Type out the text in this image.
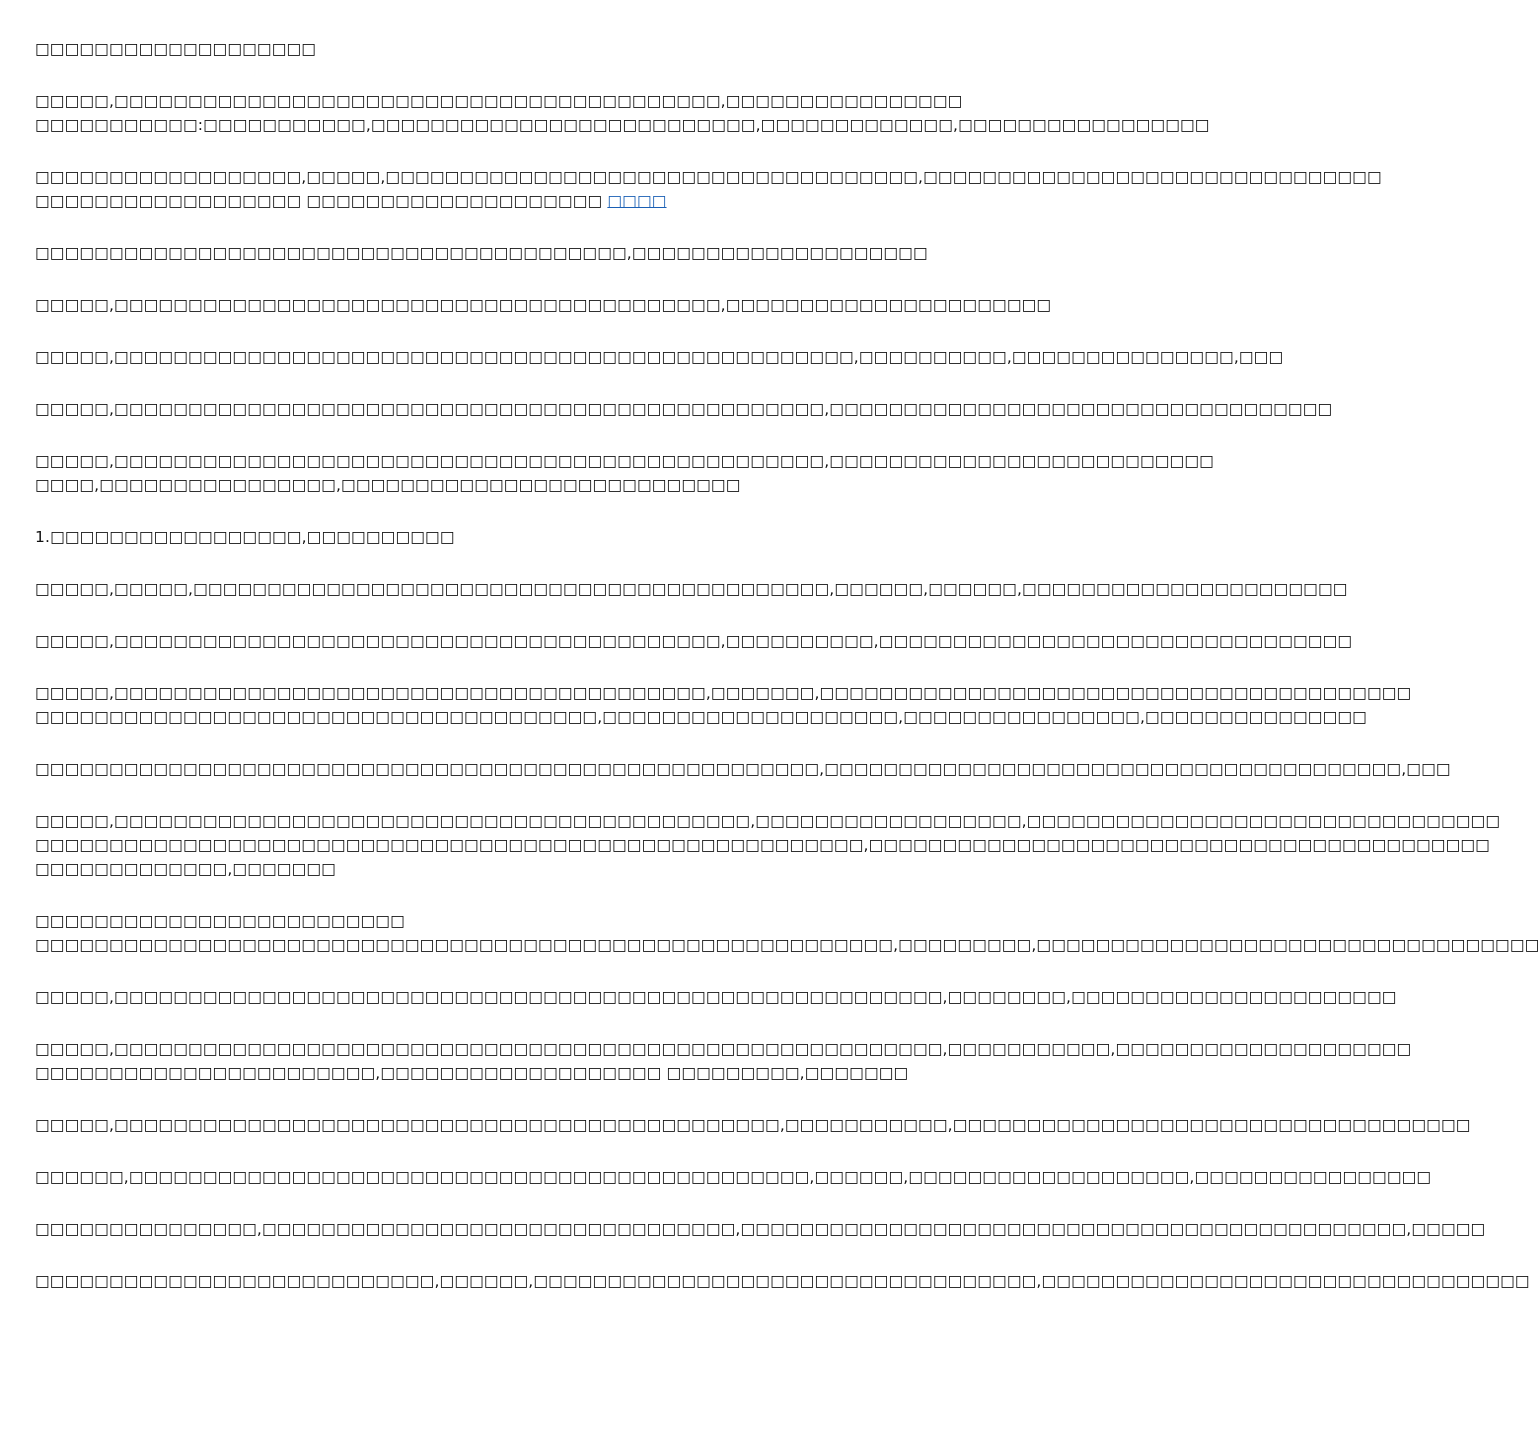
□□□□□□□□□□□□□□□□□□□
□□□□□,□□□□□□□□□□□□□□□□□□□□□□□□□□□□□□□□□□□□□□□□□,□□□□□□□□□□□□□□□□
□□□□□□□□□□□:□□□□□□□□□□□,□□□□□□□□□□□□□□□□□□□□□□□□□□,□□□□□□□□□□□□□,□□□□□□□□□□□□□□□□□
□□□□□□□□□□□□□□□□□□,□□□□□,□□□□□□□□□□□□□□□□□□□□□□□□□□□□□□□□□□□□,□□□□□□□□□□□□□□□□□□□□□□□□□□□□□□□
□□□□□□□□□□□□□□□□□□ □□□□□□□□□□□□□□□□□□□□ □□□□
□□□□□□□□□□□□□□□□□□□□□□□□□□□□□□□□□□□□□□□□,□□□□□□□□□□□□□□□□□□□□
□□□□□,□□□□□□□□□□□□□□□□□□□□□□□□□□□□□□□□□□□□□□□□□,□□□□□□□□□□□□□□□□□□□□□□
□□□□□,□□□□□□□□□□□□□□□□□□□□□□□□□□□□□□□□□□□□□□□□□□□□□□□□□□,□□□□□□□□□□,□□□□□□□□□□□□□□□,□□□
□□□□□,□□□□□□□□□□□□□□□□□□□□□□□□□□□□□□□□□□□□□□□□□□□□□□□□,□□□□□□□□□□□□□□□□□□□□□□□□□□□□□□□□□□
□□□□□,□□□□□□□□□□□□□□□□□□□□□□□□□□□□□□□□□□□□□□□□□□□□□□□□,□□□□□□□□□□□□□□□□□□□□□□□□□□
□□□□,□□□□□□□□□□□□□□□□,□□□□□□□□□□□□□□□□□□□□□□□□□□□
1.□□□□□□□□□□□□□□□□□,□□□□□□□□□□
□□□□□,□□□□□,□□□□□□□□□□□□□□□□□□□□□□□□□□□□□□□□□□□□□□□□□□□,□□□□□□,□□□□□□,□□□□□□□□□□□□□□□□□□□□□□
□□□□□,□□□□□□□□□□□□□□□□□□□□□□□□□□□□□□□□□□□□□□□□□,□□□□□□□□□□,□□□□□□□□□□□□□□□□□□□□□□□□□□□□□□□□
□□□□□,□□□□□□□□□□□□□□□□□□□□□□□□□□□□□□□□□□□□□□□□,□□□□□□□,□□□□□□□□□□□□□□□□□□□□□□□□□□□□□□□□□□□□□□□□
□□□□□□□□□□□□□□□□□□□□□□□□□□□□□□□□□□□□□□,□□□□□□□□□□□□□□□□□□□□,□□□□□□□□□□□□□□□□,□□□□□□□□□□□□□□□
□□□□□□□□□□□□□□□□□□□□□□□□□□□□□□□□□□□□□□□□□□□□□□□□□□□□□,□□□□□□□□□□□□□□□□□□□□□□□□□□□□□□□□□□□□□□□,□□□
□□□□□,□□□□□□□□□□□□□□□□□□□□□□□□□□□□□□□□□□□□□□□□□□□,□□□□□□□□□□□□□□□□□□,□□□□□□□□□□□□□□□□□□□□□□□□□□□□□□□□
□□□□□□□□□□□□□□□□□□□□□□□□□□□□□□□□□□□□□□□□□□□□□□□□□□□□□□□□,□□□□□□□□□□□□□□□□□□□□□□□□□□□□□□□□□□□□□□□□□□
□□□□□□□□□□□□□,□□□□□□□
□□□□□□□□□□□□□□□□□□□□□□□□□
□□□□□□□□□□□□□□□□□□□□□□□□□□□□□□□□□□□□□□□□□□□□□□□□□□□□□□□□□□,□□□□□□□□□,□□□□□□□□□□□□□□□□□□□□□□□□□□□□□□□□□□
□□□□□,□□□□□□□□□□□□□□□□□□□□□□□□□□□□□□□□□□□□□□□□□□□□□□□□□□□□□□□□,□□□□□□□□,□□□□□□□□□□□□□□□□□□□□□□
□□□□□,□□□□□□□□□□□□□□□□□□□□□□□□□□□□□□□□□□□□□□□□□□□□□□□□□□□□□□□□,□□□□□□□□□□□,□□□□□□□□□□□□□□□□□□□□
□□□□□□□□□□□□□□□□□□□□□□□,□□□□□□□□□□□□□□□□□□□ □□□□□□□□□,□□□□□□□
□□□□□,□□□□□□□□□□□□□□□□□□□□□□□□□□□□□□□□□□□□□□□□□□□□□,□□□□□□□□□□□,□□□□□□□□□□□□□□□□□□□□□□□□□□□□□□□□□□□
□□□□□□,□□□□□□□□□□□□□□□□□□□□□□□□□□□□□□□□□□□□□□□□□□□□□□,□□□□□□,□□□□□□□□□□□□□□□□□□□,□□□□□□□□□□□□□□□□
□□□□□□□□□□□□□□□,□□□□□□□□□□□□□□□□□□□□□□□□□□□□□□□□,□□□□□□□□□□□□□□□□□□□□□□□□□□□□□□□□□□□□□□□□□□□□□,□□□□□
□□□□□□□□□□□□□□□□□□□□□□□□□□□,□□□□□□,□□□□□□□□□□□□□□□□□□□□□□□□□□□□□□□□□□,□□□□□□□□□□□□□□□□□□□□□□□□□□□□□□□□□
